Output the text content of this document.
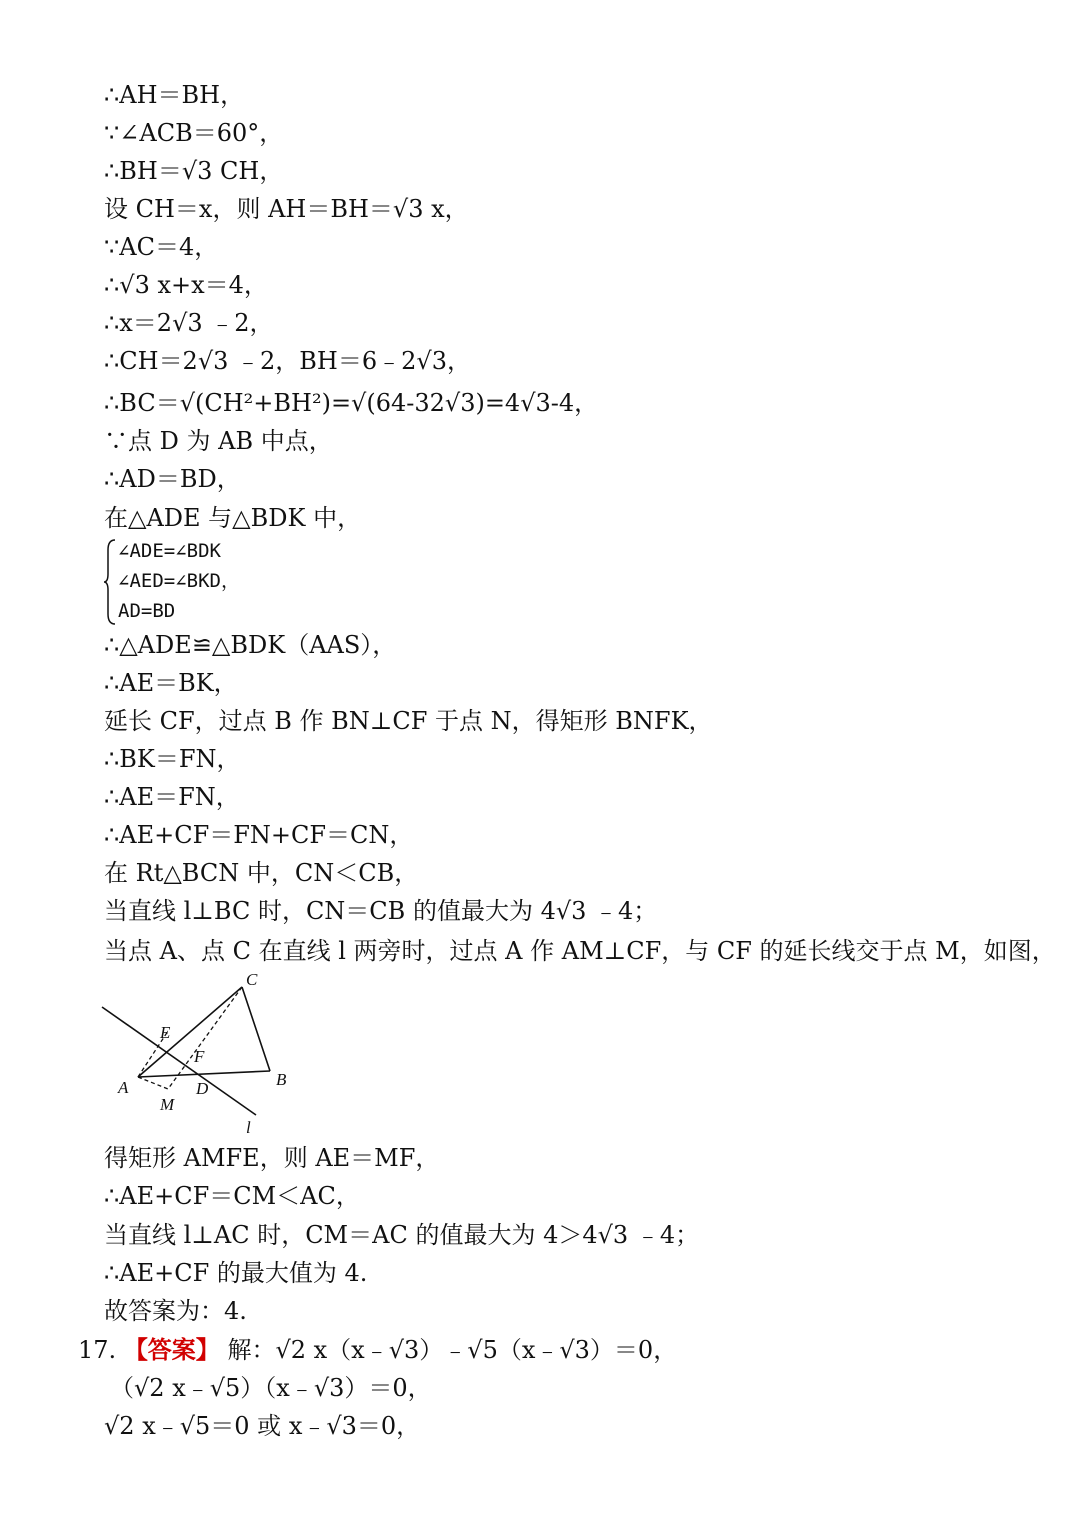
∴AH＝BH，
∵∠ACB＝60°，
∴BH＝√3 CH，
设 CH＝x，则 AH＝BH＝√3 x，
∵AC＝4，
∴√3 x+x＝4，
∴x＝2√3 ﹣2，
∴CH＝2√3 ﹣2，BH＝6﹣2√3，
∴BC＝√(CH²+BH²)=√(64-32√3)=4√3-4，
∵点 D 为 AB 中点，
∴AD＝BD，
在△ADE 与△BDK 中，
∠ADE=∠BDK
∠AED=∠BKD，
AD=BD
∴△ADE≌△BDK（AAS），
∴AE＝BK，
延长 CF，过点 B 作 BN⊥CF 于点 N，得矩形 BNFK，
∴BK＝FN，
∴AE＝FN，
∴AE+CF＝FN+CF＝CN，
在 Rt△BCN 中，CN＜CB，
当直线 l⊥BC 时，CN＝CB 的值最大为 4√3 ﹣4；
当点 A、点 C 在直线 l 两旁时，过点 A 作 AM⊥CF，与 CF 的延长线交于点 M，如图，
C
E
F
A	D	B
M
l
得矩形 AMFE，则 AE＝MF，
∴AE+CF＝CM＜AC，
当直线 l⊥AC 时，CM＝AC 的值最大为 4＞4√3 ﹣4；
∴AE+CF 的最大值为 4.
故答案为：4.
17. 【答案】 解：√2 x（x﹣√3）﹣√5（x﹣√3）＝0，
（√2 x﹣√5）（x﹣√3）＝0，
√2 x﹣√5＝0 或 x﹣√3＝0，
